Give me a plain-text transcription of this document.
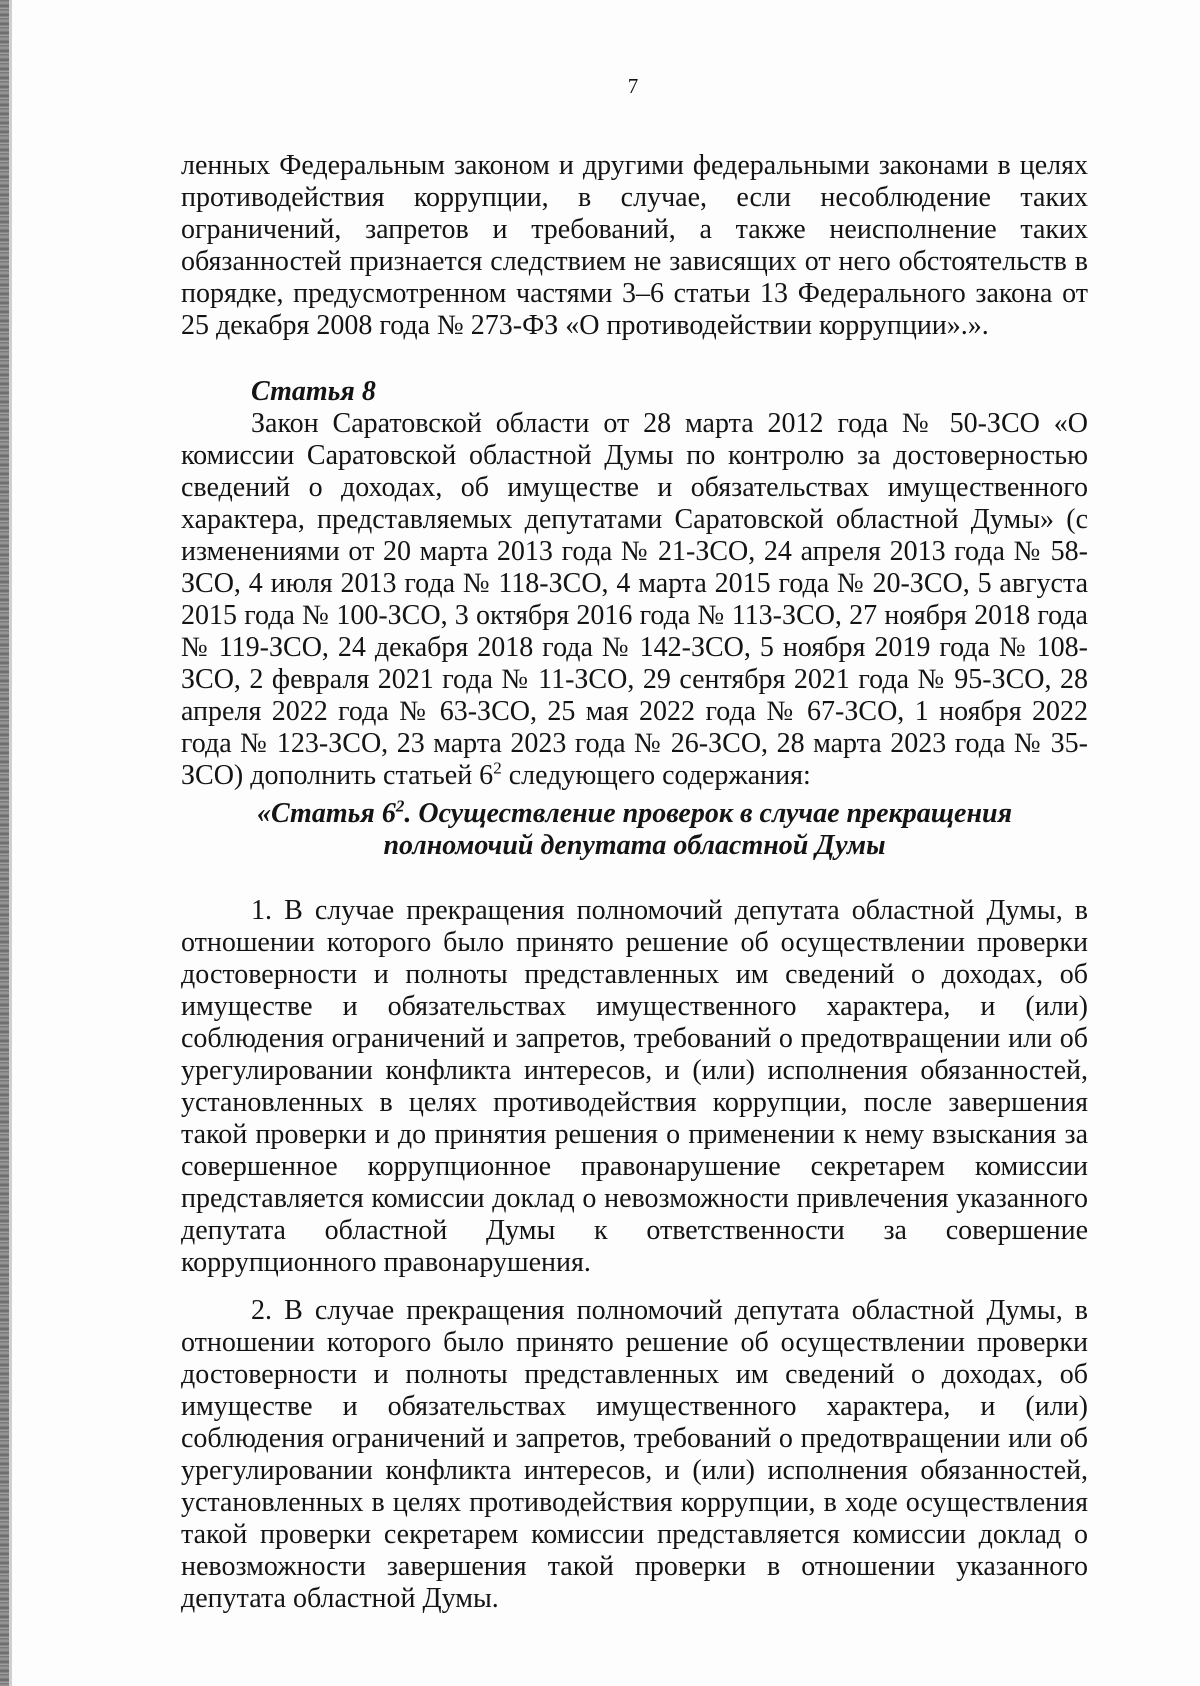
7

ленных Федеральным законом и другими федеральными законами в целях противодействия коррупции, в случае, если несоблюдение таких ограничений, запретов и требований, а также неисполнение таких обязанностей признается следствием не зависящих от него обстоятельств в порядке, предусмотренном частями 3–6 статьи 13 Федерального закона от 25 декабря 2008 года № 273-ФЗ «О противодействии коррупции».».

Статья 8

Закон Саратовской области от 28 марта 2012 года № 50-ЗСО «О комиссии Саратовской областной Думы по контролю за достоверностью сведений о доходах, об имуществе и обязательствах имущественного характера, представляемых депутатами Саратовской областной Думы» (с изменениями от 20 марта 2013 года № 21-ЗСО, 24 апреля 2013 года № 58-ЗСО, 4 июля 2013 года № 118-ЗСО, 4 марта 2015 года № 20-ЗСО, 5 августа 2015 года № 100-ЗСО, 3 октября 2016 года № 113-ЗСО, 27 ноября 2018 года № 119-ЗСО, 24 декабря 2018 года № 142-ЗСО, 5 ноября 2019 года № 108-ЗСО, 2 февраля 2021 года № 11-ЗСО, 29 сентября 2021 года № 95-ЗСО, 28 апреля 2022 года № 63-ЗСО, 25 мая 2022 года № 67-ЗСО, 1 ноября 2022 года № 123-ЗСО, 23 марта 2023 года № 26-ЗСО, 28 марта 2023 года № 35-ЗСО) дополнить статьей $6^2$ следующего содержания:

«Статья $6^2$. Осуществление проверок в случае прекращения полномочий депутата областной Думы

1. В случае прекращения полномочий депутата областной Думы, в отношении которого было принято решение об осуществлении проверки достоверности и полноты представленных им сведений о доходах, об имуществе и обязательствах имущественного характера, и (или) соблюдения ограничений и запретов, требований о предотвращении или об урегулировании конфликта интересов, и (или) исполнения обязанностей, установленных в целях противодействия коррупции, после завершения такой проверки и до принятия решения о применении к нему взыскания за совершенное коррупционное правонарушение секретарем комиссии представляется комиссии доклад о невозможности привлечения указанного депутата областной Думы к ответственности за совершение коррупционного правонарушения.

2. В случае прекращения полномочий депутата областной Думы, в отношении которого было принято решение об осуществлении проверки достоверности и полноты представленных им сведений о доходах, об имуществе и обязательствах имущественного характера, и (или) соблюдения ограничений и запретов, требований о предотвращении или об урегулировании конфликта интересов, и (или) исполнения обязанностей, установленных в целях противодействия коррупции, в ходе осуществления такой проверки секретарем комиссии представляется комиссии доклад о невозможности завершения такой проверки в отношении указанного депутата областной Думы.
